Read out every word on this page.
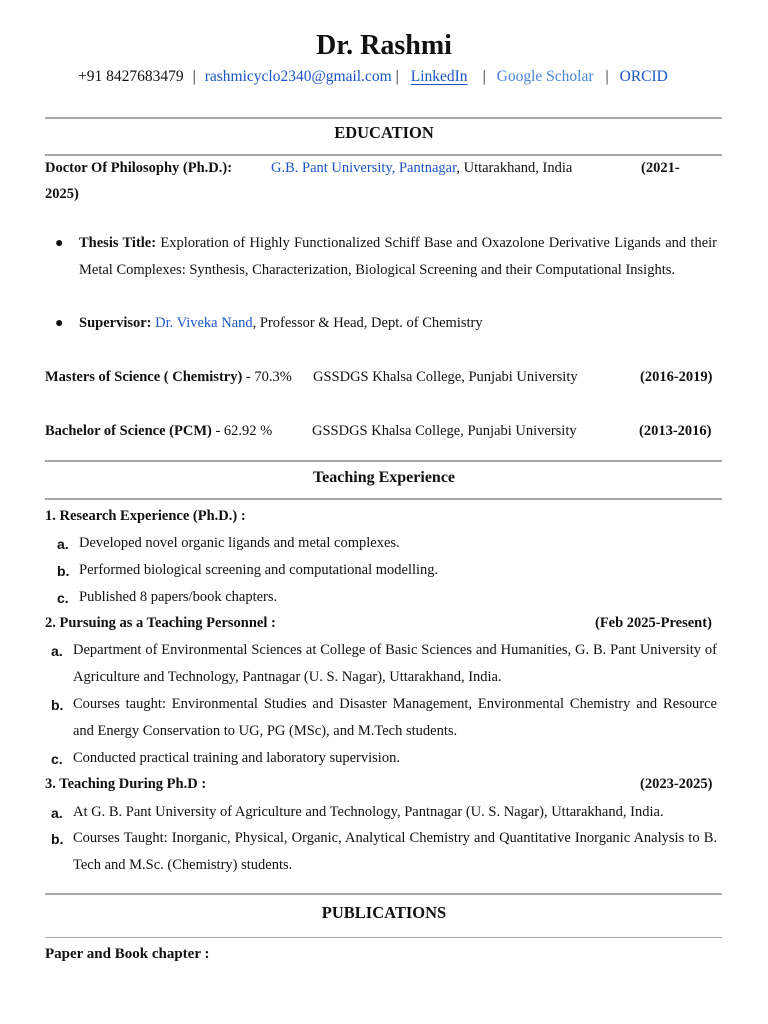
Dr. Rashmi
+91 8427683479 | rashmicyclo2340@gmail.com | LinkedIn | Google Scholar | ORCID
EDUCATION
Doctor Of Philosophy (Ph.D.):	G.B. Pant University, Pantnagar, Uttarakhand, India	(2021-
2025)
● Thesis Title: Exploration of Highly Functionalized Schiff Base and Oxazolone Derivative Ligands and their Metal Complexes: Synthesis, Characterization, Biological Screening and their Computational Insights.
● Supervisor: Dr. Viveka Nand, Professor & Head, Dept. of Chemistry
Masters of Science ( Chemistry) - 70.3% GSSDGS Khalsa College, Punjabi University	(2016-2019)
Bachelor of Science (PCM) - 62.92 %	GSSDGS Khalsa College, Punjabi University	(2013-2016)
Teaching Experience
1. Research Experience (Ph.D.) :
a. Developed novel organic ligands and metal complexes.
b. Performed biological screening and computational modelling.
c. Published 8 papers/book chapters.
2. Pursuing as a Teaching Personnel :	(Feb 2025-Present)
a. Department of Environmental Sciences at College of Basic Sciences and Humanities, G. B. Pant University of Agriculture and Technology, Pantnagar (U. S. Nagar), Uttarakhand, India.
b. Courses taught: Environmental Studies and Disaster Management, Environmental Chemistry and Resource and Energy Conservation to UG, PG (MSc), and M.Tech students.
c. Conducted practical training and laboratory supervision.
3. Teaching During Ph.D :	(2023-2025)
a. At G. B. Pant University of Agriculture and Technology, Pantnagar (U. S. Nagar), Uttarakhand, India.
b. Courses Taught: Inorganic, Physical, Organic, Analytical Chemistry and Quantitative Inorganic Analysis to B. Tech and M.Sc. (Chemistry) students.
PUBLICATIONS
Paper and Book chapter :
